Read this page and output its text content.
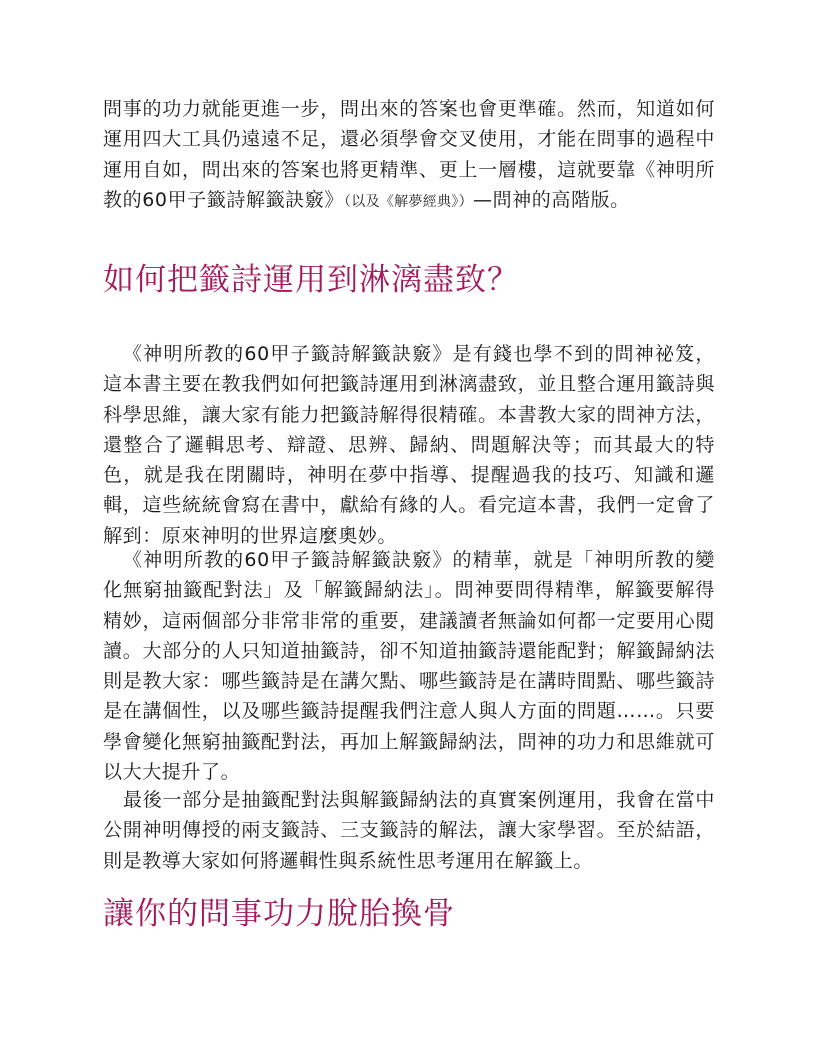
問事的功力就能更進一步，問出來的答案也會更準確。然而，知道如何運用四大工具仍遠遠不足，還必須學會交叉使用，才能在問事的過程中運用自如，問出來的答案也將更精準、更上一層樓，這就要靠《神明所教的60甲子籤詩解籤訣竅》（以及《解夢經典》）—問神的高階版。

如何把籤詩運用到淋漓盡致？

《神明所教的60甲子籤詩解籤訣竅》是有錢也學不到的問神祕笈，這本書主要在教我們如何把籤詩運用到淋漓盡致，並且整合運用籤詩與科學思維，讓大家有能力把籤詩解得很精確。本書教大家的問神方法，還整合了邏輯思考、辯證、思辨、歸納、問題解決等；而其最大的特色，就是我在閉關時，神明在夢中指導、提醒過我的技巧、知識和邏輯，這些統統會寫在書中，獻給有緣的人。看完這本書，我們一定會了解到：原來神明的世界這麼奧妙。

《神明所教的60甲子籤詩解籤訣竅》的精華，就是「神明所教的變化無窮抽籤配對法」及「解籤歸納法」。問神要問得精準，解籤要解得精妙，這兩個部分非常非常的重要，建議讀者無論如何都一定要用心閱讀。大部分的人只知道抽籤詩，卻不知道抽籤詩還能配對；解籤歸納法則是教大家：哪些籤詩是在講欠點、哪些籤詩是在講時間點、哪些籤詩是在講個性，以及哪些籤詩提醒我們注意人與人方面的問題……。只要學會變化無窮抽籤配對法，再加上解籤歸納法，問神的功力和思維就可以大大提升了。

最後一部分是抽籤配對法與解籤歸納法的真實案例運用，我會在當中公開神明傳授的兩支籤詩、三支籤詩的解法，讓大家學習。至於結語，則是教導大家如何將邏輯性與系統性思考運用在解籤上。

讓你的問事功力脫胎換骨
